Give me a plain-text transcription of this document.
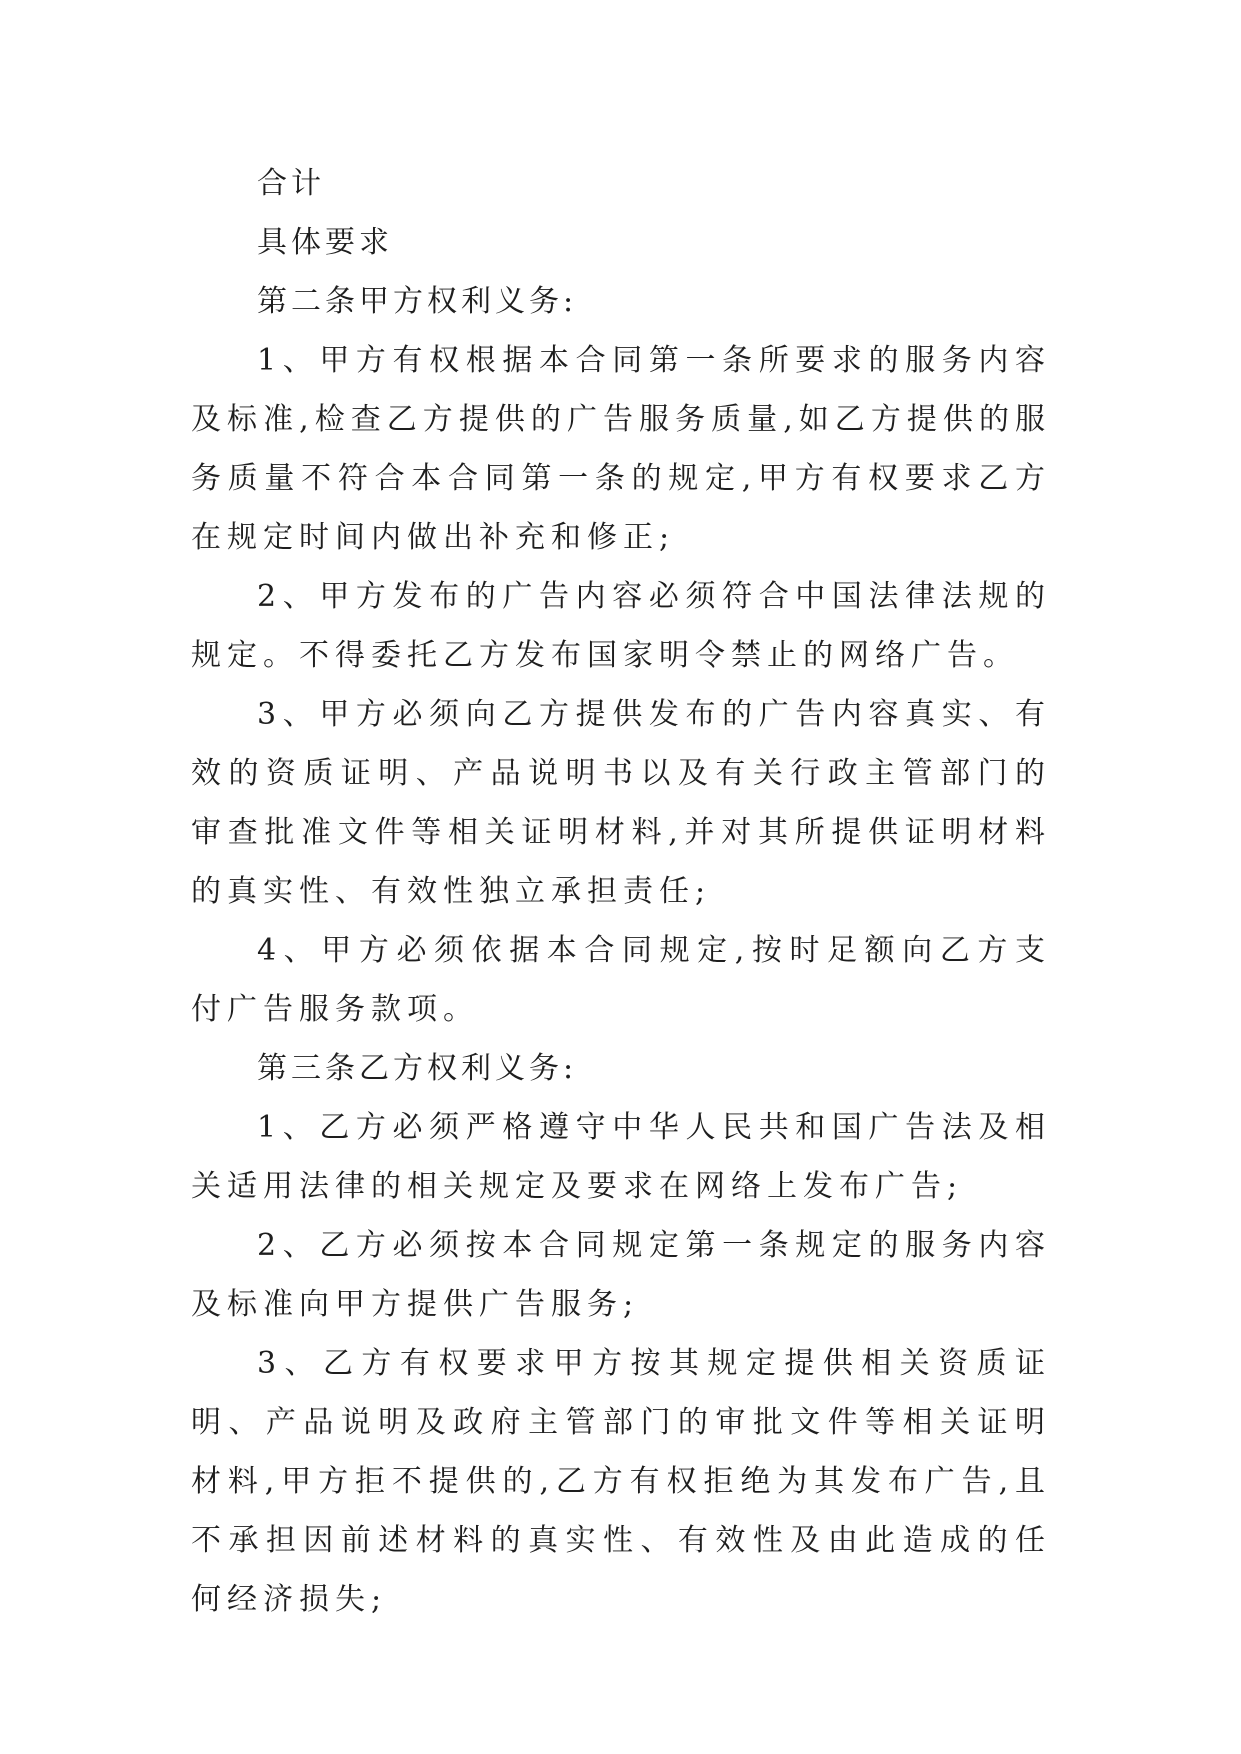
合计

具体要求

第二条甲方权利义务:

1、甲方有权根据本合同第一条所要求的服务内容及标准,检查乙方提供的广告服务质量,如乙方提供的服务质量不符合本合同第一条的规定,甲方有权要求乙方在规定时间内做出补充和修正;

2、甲方发布的广告内容必须符合中国法律法规的规定。不得委托乙方发布国家明令禁止的网络广告。

3、甲方必须向乙方提供发布的广告内容真实、有效的资质证明、产品说明书以及有关行政主管部门的审查批准文件等相关证明材料,并对其所提供证明材料的真实性、有效性独立承担责任;

4、甲方必须依据本合同规定,按时足额向乙方支付广告服务款项。

第三条乙方权利义务:

1、乙方必须严格遵守中华人民共和国广告法及相关适用法律的相关规定及要求在网络上发布广告;

2、乙方必须按本合同规定第一条规定的服务内容及标准向甲方提供广告服务;

3、乙方有权要求甲方按其规定提供相关资质证明、产品说明及政府主管部门的审批文件等相关证明材料,甲方拒不提供的,乙方有权拒绝为其发布广告,且不承担因前述材料的真实性、有效性及由此造成的任何经济损失;
